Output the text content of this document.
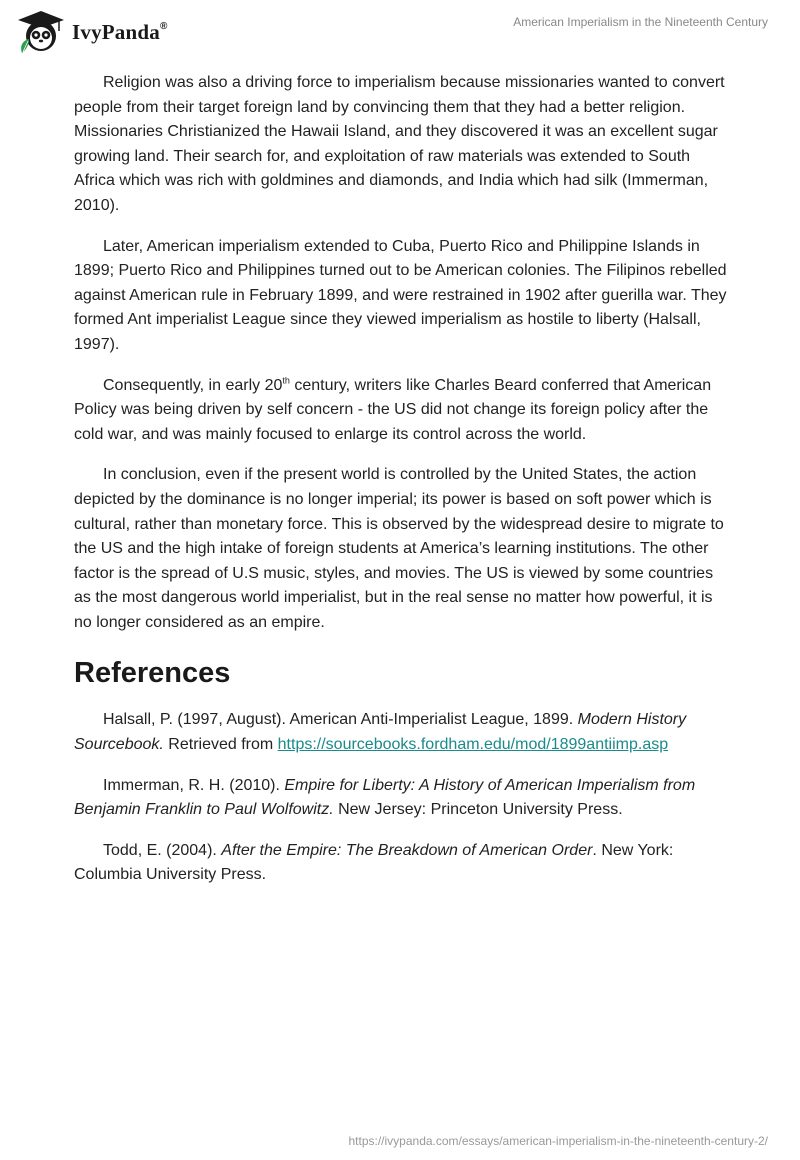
IvyPanda®	American Imperialism in the Nineteenth Century

Religion was also a driving force to imperialism because missionaries wanted to convert people from their target foreign land by convincing them that they had a better religion. Missionaries Christianized the Hawaii Island, and they discovered it was an excellent sugar growing land. Their search for, and exploitation of raw materials was extended to South Africa which was rich with goldmines and diamonds, and India which had silk (Immerman, 2010).

Later, American imperialism extended to Cuba, Puerto Rico and Philippine Islands in 1899; Puerto Rico and Philippines turned out to be American colonies. The Filipinos rebelled against American rule in February 1899, and were restrained in 1902 after guerilla war. They formed Ant imperialist League since they viewed imperialism as hostile to liberty (Halsall, 1997).

Consequently, in early 20th century, writers like Charles Beard conferred that American Policy was being driven by self concern - the US did not change its foreign policy after the cold war, and was mainly focused to enlarge its control across the world.

In conclusion, even if the present world is controlled by the United States, the action depicted by the dominance is no longer imperial; its power is based on soft power which is cultural, rather than monetary force. This is observed by the widespread desire to migrate to the US and the high intake of foreign students at America’s learning institutions. The other factor is the spread of U.S music, styles, and movies. The US is viewed by some countries as the most dangerous world imperialist, but in the real sense no matter how powerful, it is no longer considered as an empire.

References

Halsall, P. (1997, August). American Anti-Imperialist League, 1899. Modern History Sourcebook. Retrieved from https://sourcebooks.fordham.edu/mod/1899antiimp.asp

Immerman, R. H. (2010). Empire for Liberty: A History of American Imperialism from Benjamin Franklin to Paul Wolfowitz. New Jersey: Princeton University Press.

Todd, E. (2004). After the Empire: The Breakdown of American Order. New York: Columbia University Press.

https://ivypanda.com/essays/american-imperialism-in-the-nineteenth-century-2/
